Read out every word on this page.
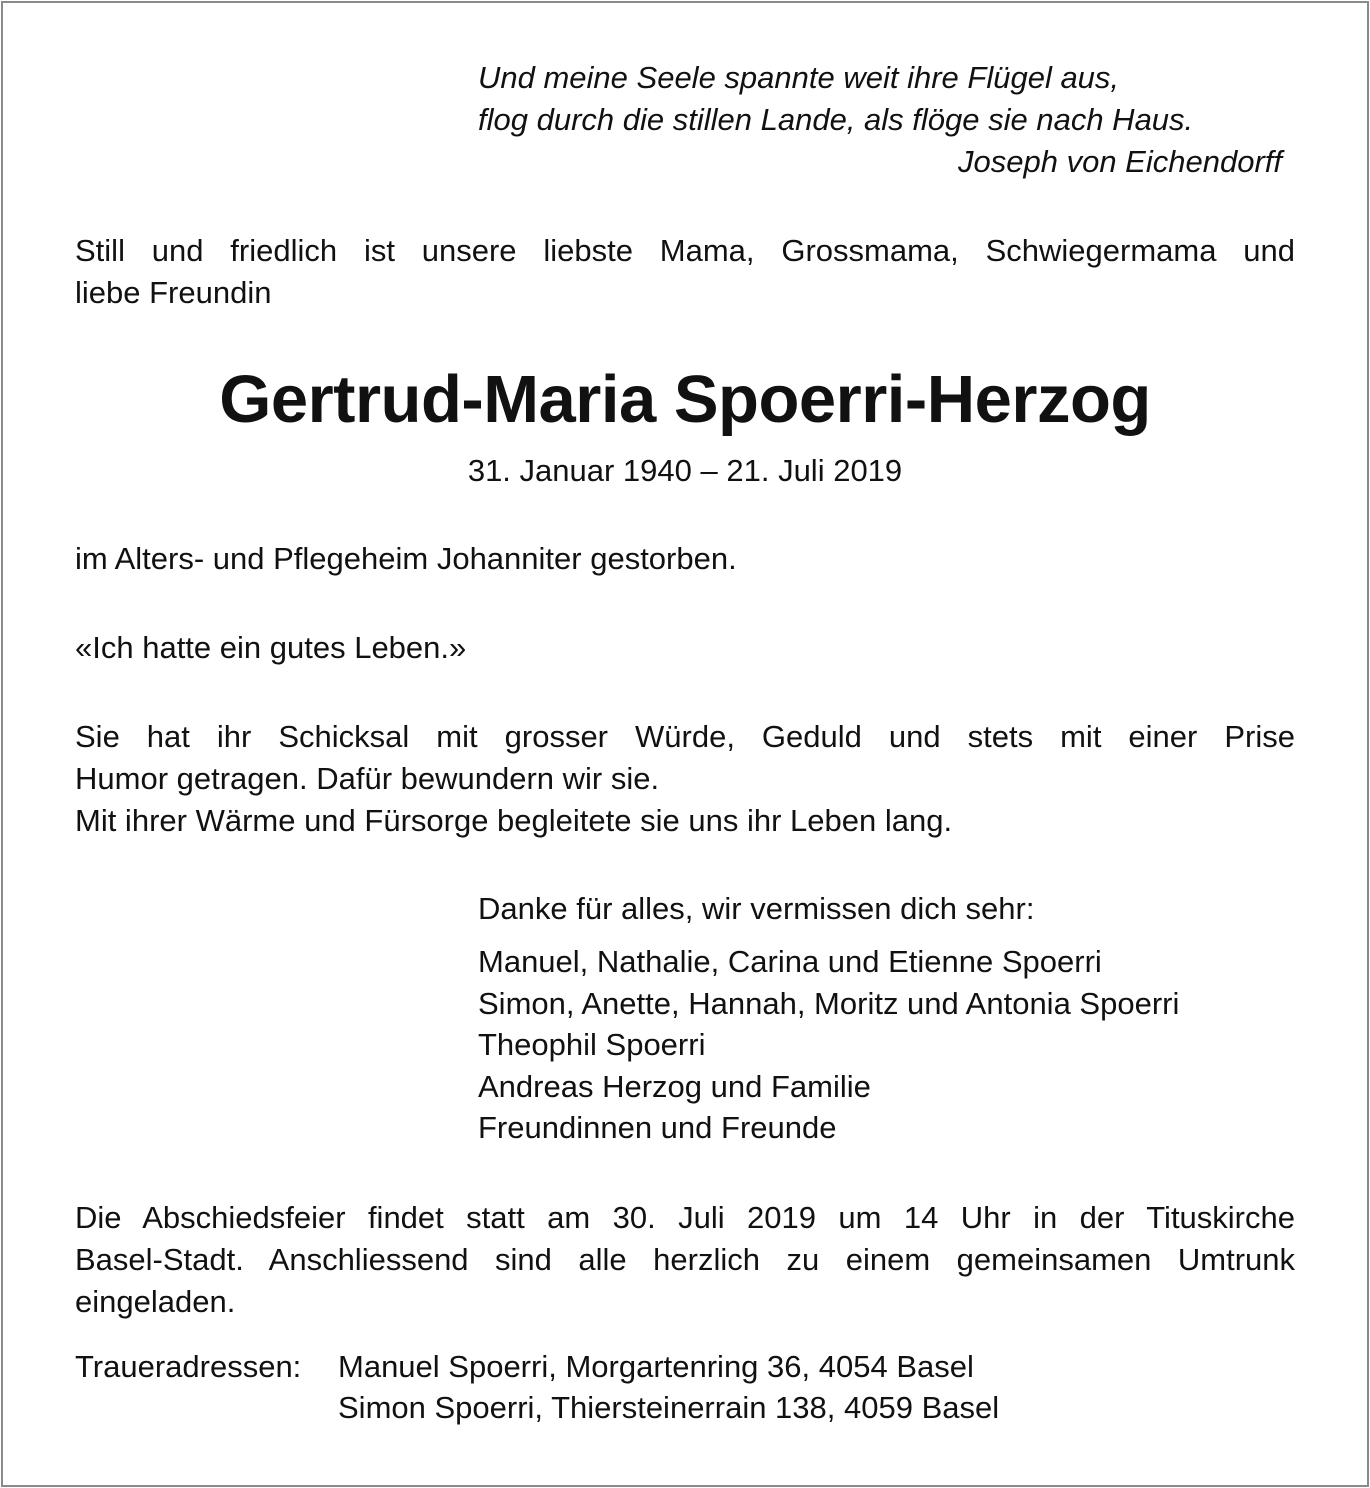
Und meine Seele spannte weit ihre Flügel aus,
flog durch die stillen Lande, als flöge sie nach Haus.
Joseph von Eichendorff
Still und friedlich ist unsere liebste Mama, Grossmama, Schwiegermama und
liebe Freundin
Gertrud-Maria Spoerri-Herzog
31. Januar 1940 – 21. Juli 2019
im Alters- und Pflegeheim Johanniter gestorben.
«Ich hatte ein gutes Leben.»
Sie hat ihr Schicksal mit grosser Würde, Geduld und stets mit einer Prise
Humor getragen. Dafür bewundern wir sie.
Mit ihrer Wärme und Fürsorge begleitete sie uns ihr Leben lang.
Danke für alles, wir vermissen dich sehr:
Manuel, Nathalie, Carina und Etienne Spoerri
Simon, Anette, Hannah, Moritz und Antonia Spoerri
Theophil Spoerri
Andreas Herzog und Familie
Freundinnen und Freunde
Die Abschiedsfeier findet statt am 30. Juli 2019 um 14 Uhr in der Tituskirche
Basel-Stadt. Anschliessend sind alle herzlich zu einem gemeinsamen Umtrunk
eingeladen.
Traueradressen: Manuel Spoerri, Morgartenring 36, 4054 Basel
Simon Spoerri, Thiersteinerrain 138, 4059 Basel
